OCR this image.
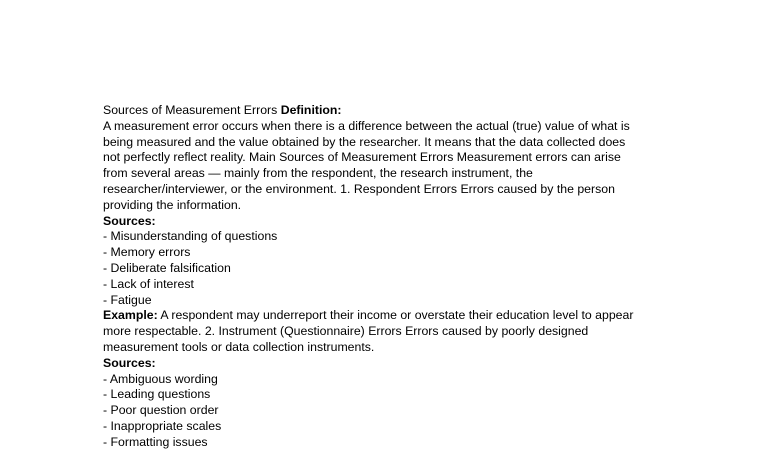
Sources of Measurement Errors Definition:
A measurement error occurs when there is a difference between the actual (true) value of what is
being measured and the value obtained by the researcher. It means that the data collected does
not perfectly reflect reality. Main Sources of Measurement Errors Measurement errors can arise
from several areas — mainly from the respondent, the research instrument, the
researcher/interviewer, or the environment. 1. Respondent Errors Errors caused by the person
providing the information.
Sources:
- Misunderstanding of questions
- Memory errors
- Deliberate falsification
- Lack of interest
- Fatigue
Example: A respondent may underreport their income or overstate their education level to appear
more respectable. 2. Instrument (Questionnaire) Errors Errors caused by poorly designed
measurement tools or data collection instruments.
Sources:
- Ambiguous wording
- Leading questions
- Poor question order
- Inappropriate scales
- Formatting issues
